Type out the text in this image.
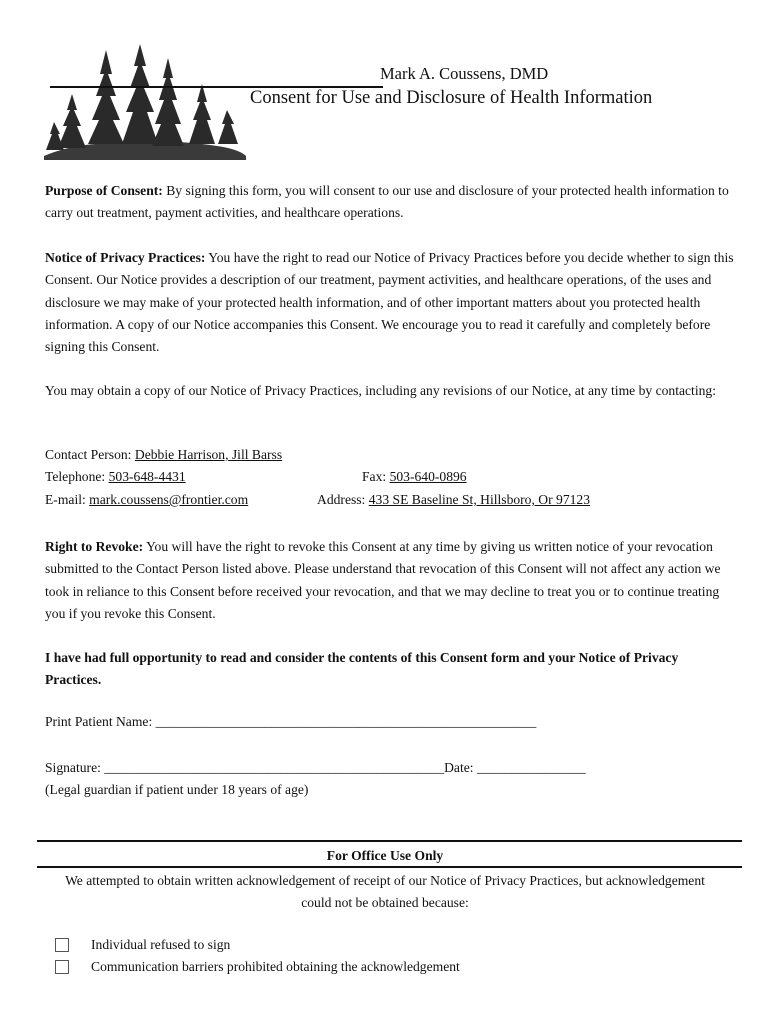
Mark A. Coussens, DMD
Consent for Use and Disclosure of Health Information

Purpose of Consent: By signing this form, you will consent to our use and disclosure of your protected health information to carry out treatment, payment activities, and healthcare operations.

Notice of Privacy Practices: You have the right to read our Notice of Privacy Practices before you decide whether to sign this Consent. Our Notice provides a description of our treatment, payment activities, and healthcare operations, of the uses and disclosure we may make of your protected health information, and of other important matters about you protected health information. A copy of our Notice accompanies this Consent. We encourage you to read it carefully and completely before signing this Consent.

You may obtain a copy of our Notice of Privacy Practices, including any revisions of our Notice, at any time by contacting:

Contact Person: Debbie Harrison, Jill Barss
Telephone: 503-648-4431	Fax: 503-640-0896
E-mail: mark.coussens@frontier.com	Address: 433 SE Baseline St, Hillsboro, Or 97123

Right to Revoke: You will have the right to revoke this Consent at any time by giving us written notice of your revocation submitted to the Contact Person listed above. Please understand that revocation of this Consent will not affect any action we took in reliance to this Consent before received your revocation, and that we may decline to treat you or to continue treating you if you revoke this Consent.

I have had full opportunity to read and consider the contents of this Consent form and your Notice of Privacy Practices.

Print Patient Name: ________________________________________________________
Signature: __________________________________________________Date: ________________
(Legal guardian if patient under 18 years of age)
For Office Use Only
We attempted to obtain written acknowledgement of receipt of our Notice of Privacy Practices, but acknowledgement could not be obtained because:
Individual refused to sign
Communication barriers prohibited obtaining the acknowledgement
